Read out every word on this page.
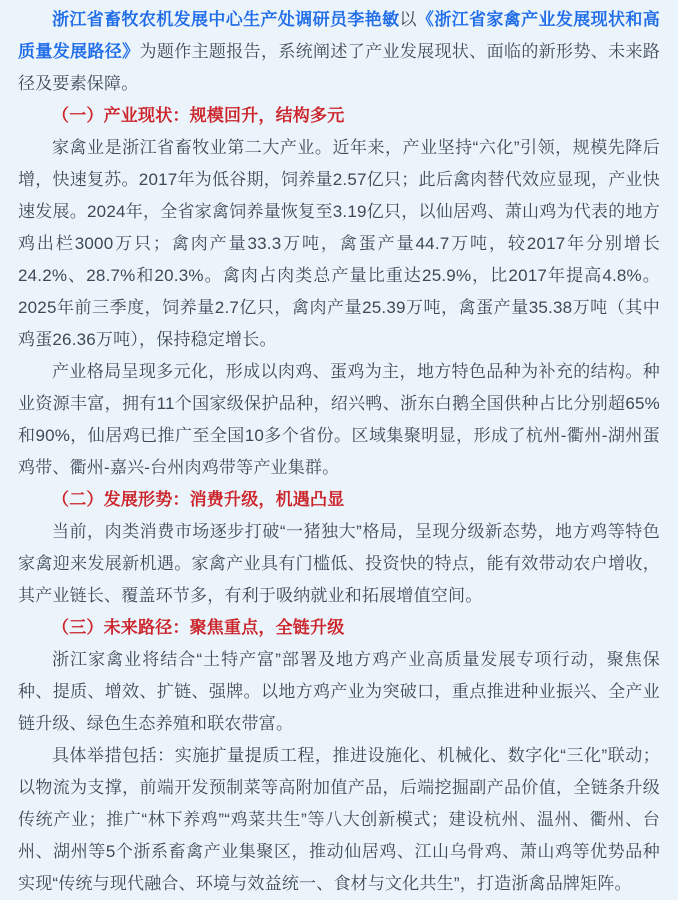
浙江省畜牧农机发展中心生产处调研员李艳敏以《浙江省家禽产业发展现状和高质量发展路径》为题作主题报告，系统阐述了产业发展现状、面临的新形势、未来路径及要素保障。

（一）产业现状：规模回升，结构多元

家禽业是浙江省畜牧业第二大产业。近年来，产业坚持“六化”引领，规模先降后增，快速复苏。2017年为低谷期，饲养量2.57亿只；此后禽肉替代效应显现，产业快速发展。2024年，全省家禽饲养量恢复至3.19亿只，以仙居鸡、萧山鸡为代表的地方鸡出栏3000万只；禽肉产量33.3万吨，禽蛋产量44.7万吨，较2017年分别增长24.2%、28.7%和20.3%。禽肉占肉类总产量比重达25.9%，比2017年提高4.8%。2025年前三季度，饲养量2.7亿只，禽肉产量25.39万吨，禽蛋产量35.38万吨（其中鸡蛋26.36万吨），保持稳定增长。

产业格局呈现多元化，形成以肉鸡、蛋鸡为主，地方特色品种为补充的结构。种业资源丰富，拥有11个国家级保护品种，绍兴鸭、浙东白鹅全国供种占比分别超65%和90%，仙居鸡已推广至全国10多个省份。区域集聚明显，形成了杭州-衢州-湖州蛋鸡带、衢州-嘉兴-台州肉鸡带等产业集群。

（二）发展形势：消费升级，机遇凸显

当前，肉类消费市场逐步打破“一猪独大”格局，呈现分级新态势，地方鸡等特色家禽迎来发展新机遇。家禽产业具有门槛低、投资快的特点，能有效带动农户增收，其产业链长、覆盖环节多，有利于吸纳就业和拓展增值空间。

（三）未来路径：聚焦重点，全链升级

浙江家禽业将结合“土特产富”部署及地方鸡产业高质量发展专项行动，聚焦保种、提质、增效、扩链、强牌。以地方鸡产业为突破口，重点推进种业振兴、全产业链升级、绿色生态养殖和联农带富。

具体举措包括：实施扩量提质工程，推进设施化、机械化、数字化“三化”联动；以物流为支撑，前端开发预制菜等高附加值产品，后端挖掘副产品价值，全链条升级传统产业；推广“林下养鸡”“鸡菜共生”等八大创新模式；建设杭州、温州、衢州、台州、湖州等5个浙系畜禽产业集聚区，推动仙居鸡、江山乌骨鸡、萧山鸡等优势品种实现“传统与现代融合、环境与效益统一、食材与文化共生”，打造浙禽品牌矩阵。
